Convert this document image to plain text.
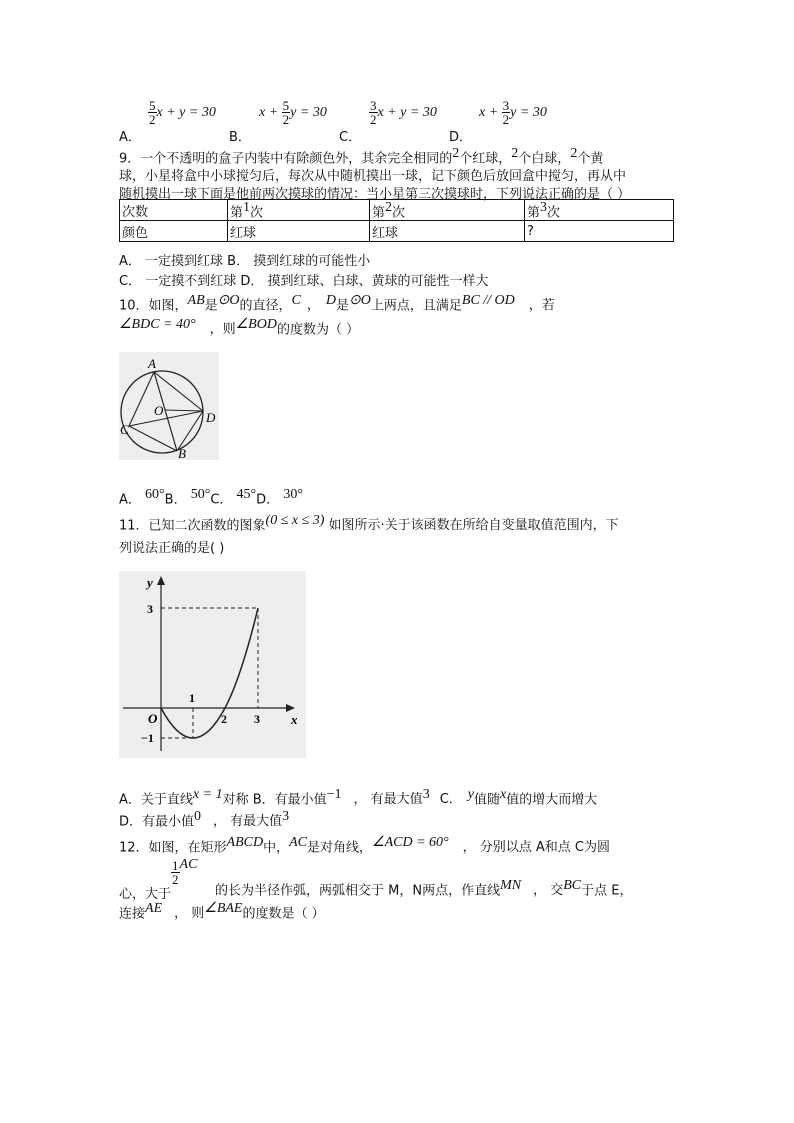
A．
$\frac{5}{2}$ x + y = 30
B．
$x + \frac{5}{2}$ y = 30
C．
$\frac{3}{2}$ x + y = 30
D．
$x + \frac{3}{2}$ y = 30
9．一个不透明的盒子内装中有除颜色外，其余完全相同的$^2$个红球，$^2$个白球，$^2$个黄
球，小星将盒中小球搅匀后，每次从中随机摸出一球，记下颜色后放回盒中搅匀，再从中
随机摸出一球下面是他前两次摸球的情况：当小星第三次摸球时，下列说法正确的是（ ）
次数	第$^1$次	第$^2$次	第$^3$次
颜色	红球	红球	?
A． 一定摸到红球 B． 摸到红球的可能性小
C． 一定摸不到红球 D． 摸到红球、白球、黄球的可能性一样大
10．如图，$^{AB}$是$^{⊙O}$的直径，$^C$ ， $^D$是$^{⊙O}$上两点，且满足$^{BC // OD}$ ，若
$^{\angle BDC = 40^\circ}$ ，则$^{\angle BOD}$的度数为（ ）
A
O
C
D
B
A． $^{60^\circ}$B． $^{50^\circ}$C． $^{45^\circ}$D． $^{30^\circ}$
11．已知二次函数的图象$^{(0 \le x \le 3)}$ 如图所示·关于该函数在所给自变量取值范围内，下
列说法正确的是( )
y
x
O
1
2 3
3
−1
A．关于直线$^{x = 1}$对称 B．有最小值$^{-1}$ ， 有最大值$^3$ C． $^y$值随$^x$值的增大而增大
D．有最小值$^0$ ， 有最大值$^3$
12．如图，在矩形$^{ABCD}$中，$^{AC}$是对角线，$^{\angle ACD = 60^\circ}$ ， 分别以点 A和点 C为圆
心，大于
$\frac{1}{2}$ AC
的长为半径作弧，两弧相交于 M，N两点，作直线$^{MN}$ ， 交$^{BC}$于点 E，
连接$^{AE}$ ， 则$^{\angle BAE}$的度数是（ ）
